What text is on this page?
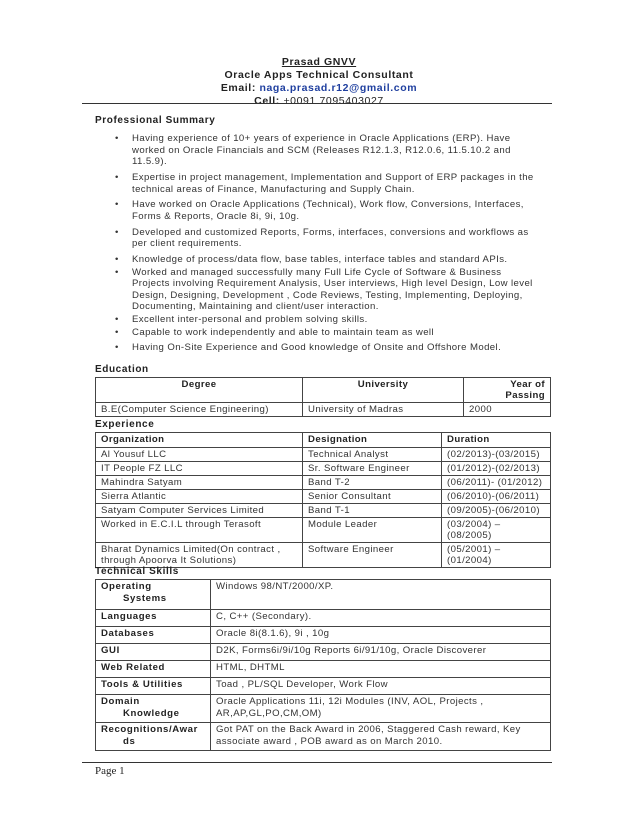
Prasad GNVV
Oracle Apps Technical Consultant
Email: naga.prasad.r12@gmail.com
Cell: +0091 7095403027
Professional Summary
• Having experience of 10+ years of experience in Oracle Applications (ERP). Have worked on Oracle Financials and SCM (Releases R12.1.3, R12.0.6, 11.5.10.2 and 11.5.9).
• Expertise in project management, Implementation and Support of ERP packages in the technical areas of Finance, Manufacturing and Supply Chain.
• Have worked on Oracle Applications (Technical), Work flow, Conversions, Interfaces, Forms & Reports, Oracle 8i, 9i, 10g.
• Developed and customized Reports, Forms, interfaces, conversions and workflows as per client requirements.
• Knowledge of process/data flow, base tables, interface tables and standard APIs.
• Worked and managed successfully many Full Life Cycle of Software & Business Projects involving Requirement Analysis, User interviews, High level Design, Low level Design, Designing, Development , Code Reviews, Testing, Implementing, Deploying, Documenting, Maintaining and client/user interaction.
• Excellent inter-personal and problem solving skills.
• Capable to work independently and able to maintain team as well
• Having On-Site Experience and Good knowledge of Onsite and Offshore Model.
Education
Degree	University	Year of Passing
B.E(Computer Science Engineering)	University of Madras	2000
Experience
Organization	Designation	Duration
Al Yousuf LLC	Technical Analyst	(02/2013)-(03/2015)
IT People FZ LLC	Sr. Software Engineer	(01/2012)-(02/2013)
Mahindra Satyam	Band T-2	(06/2011)- (01/2012)
Sierra Atlantic	Senior Consultant	(06/2010)-(06/2011)
Satyam Computer Services Limited	Band T-1	(09/2005)-(06/2010)
Worked in E.C.I.L through Terasoft	Module Leader	(03/2004) – (08/2005)
Bharat Dynamics Limited(On contract , through Apoorva It Solutions)	Software Engineer	(05/2001) – (01/2004)
Technical Skills
Operating
Systems	Windows 98/NT/2000/XP.
Languages	C, C++ (Secondary).
Databases	Oracle 8i(8.1.6), 9i , 10g
GUI	D2K, Forms6i/9i/10g Reports 6i/91/10g, Oracle Discoverer
Web Related	HTML, DHTML
Tools & Utilities	Toad , PL/SQL Developer, Work Flow
Domain
Knowledge	Oracle Applications 11i, 12i Modules (INV, AOL, Projects , AR,AP,GL,PO,CM,OM)
Recognitions/Awar
ds	Got PAT on the Back Award in 2006, Staggered Cash reward, Key associate award , POB award as on March 2010.
Page 1
